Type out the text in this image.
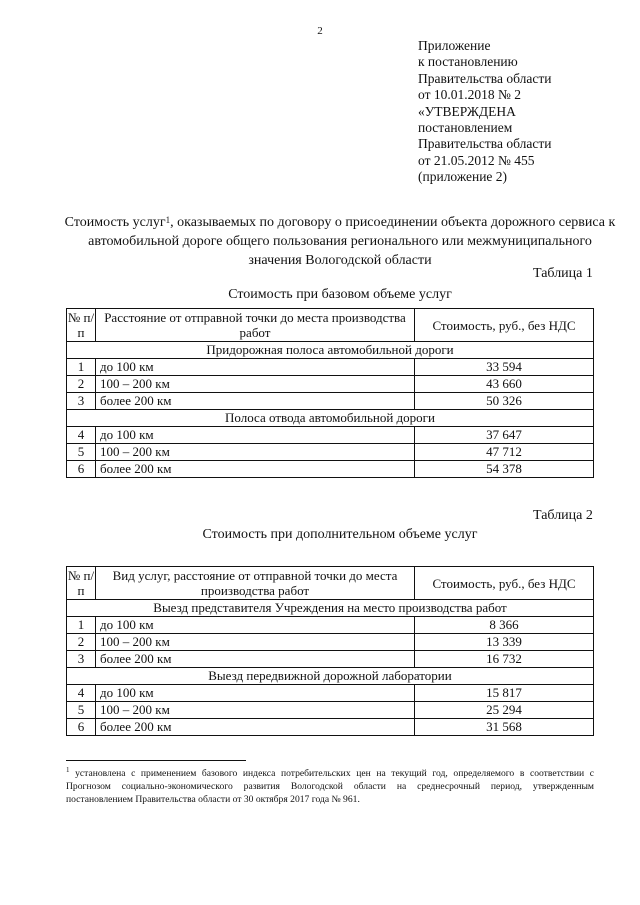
2
Приложение
к постановлению
Правительства области
от 10.01.2018 № 2
«УТВЕРЖДЕНА
постановлением
Правительства области
от 21.05.2012 № 455
(приложение 2)
Стоимость услуг$^1$, оказываемых по договору о присоединении объекта дорожного сервиса к автомобильной дороге общего пользования регионального или межмуниципального значения Вологодской области
Таблица 1
Стоимость при базовом объеме услуг
№ п/п	Расстояние от отправной точки до места производства работ	Стоимость, руб., без НДС
Придорожная полоса автомобильной дороги		
1	до 100 км	33 594
2	100 – 200 км	43 660
3	более 200 км	50 326
Полоса отвода автомобильной дороги		
4	до 100 км	37 647
5	100 – 200 км	47 712
6	более 200 км	54 378
Таблица 2
Стоимость при дополнительном объеме услуг
№ п/п	Вид услуг, расстояние от отправной точки до места производства работ	Стоимость, руб., без НДС
Выезд представителя Учреждения на место производства работ		
1	до 100 км	8 366
2	100 – 200 км	13 339
3	более 200 км	16 732
Выезд передвижной дорожной лаборатории		
4	до 100 км	15 817
5	100 – 200 км	25 294
6	более 200 км	31 568
$^1$ установлена с применением базового индекса потребительских цен на текущий год, определяемого в соответствии с Прогнозом социально-экономического развития Вологодской области на среднесрочный период, утвержденным постановлением Правительства области от 30 октября 2017 года № 961.
